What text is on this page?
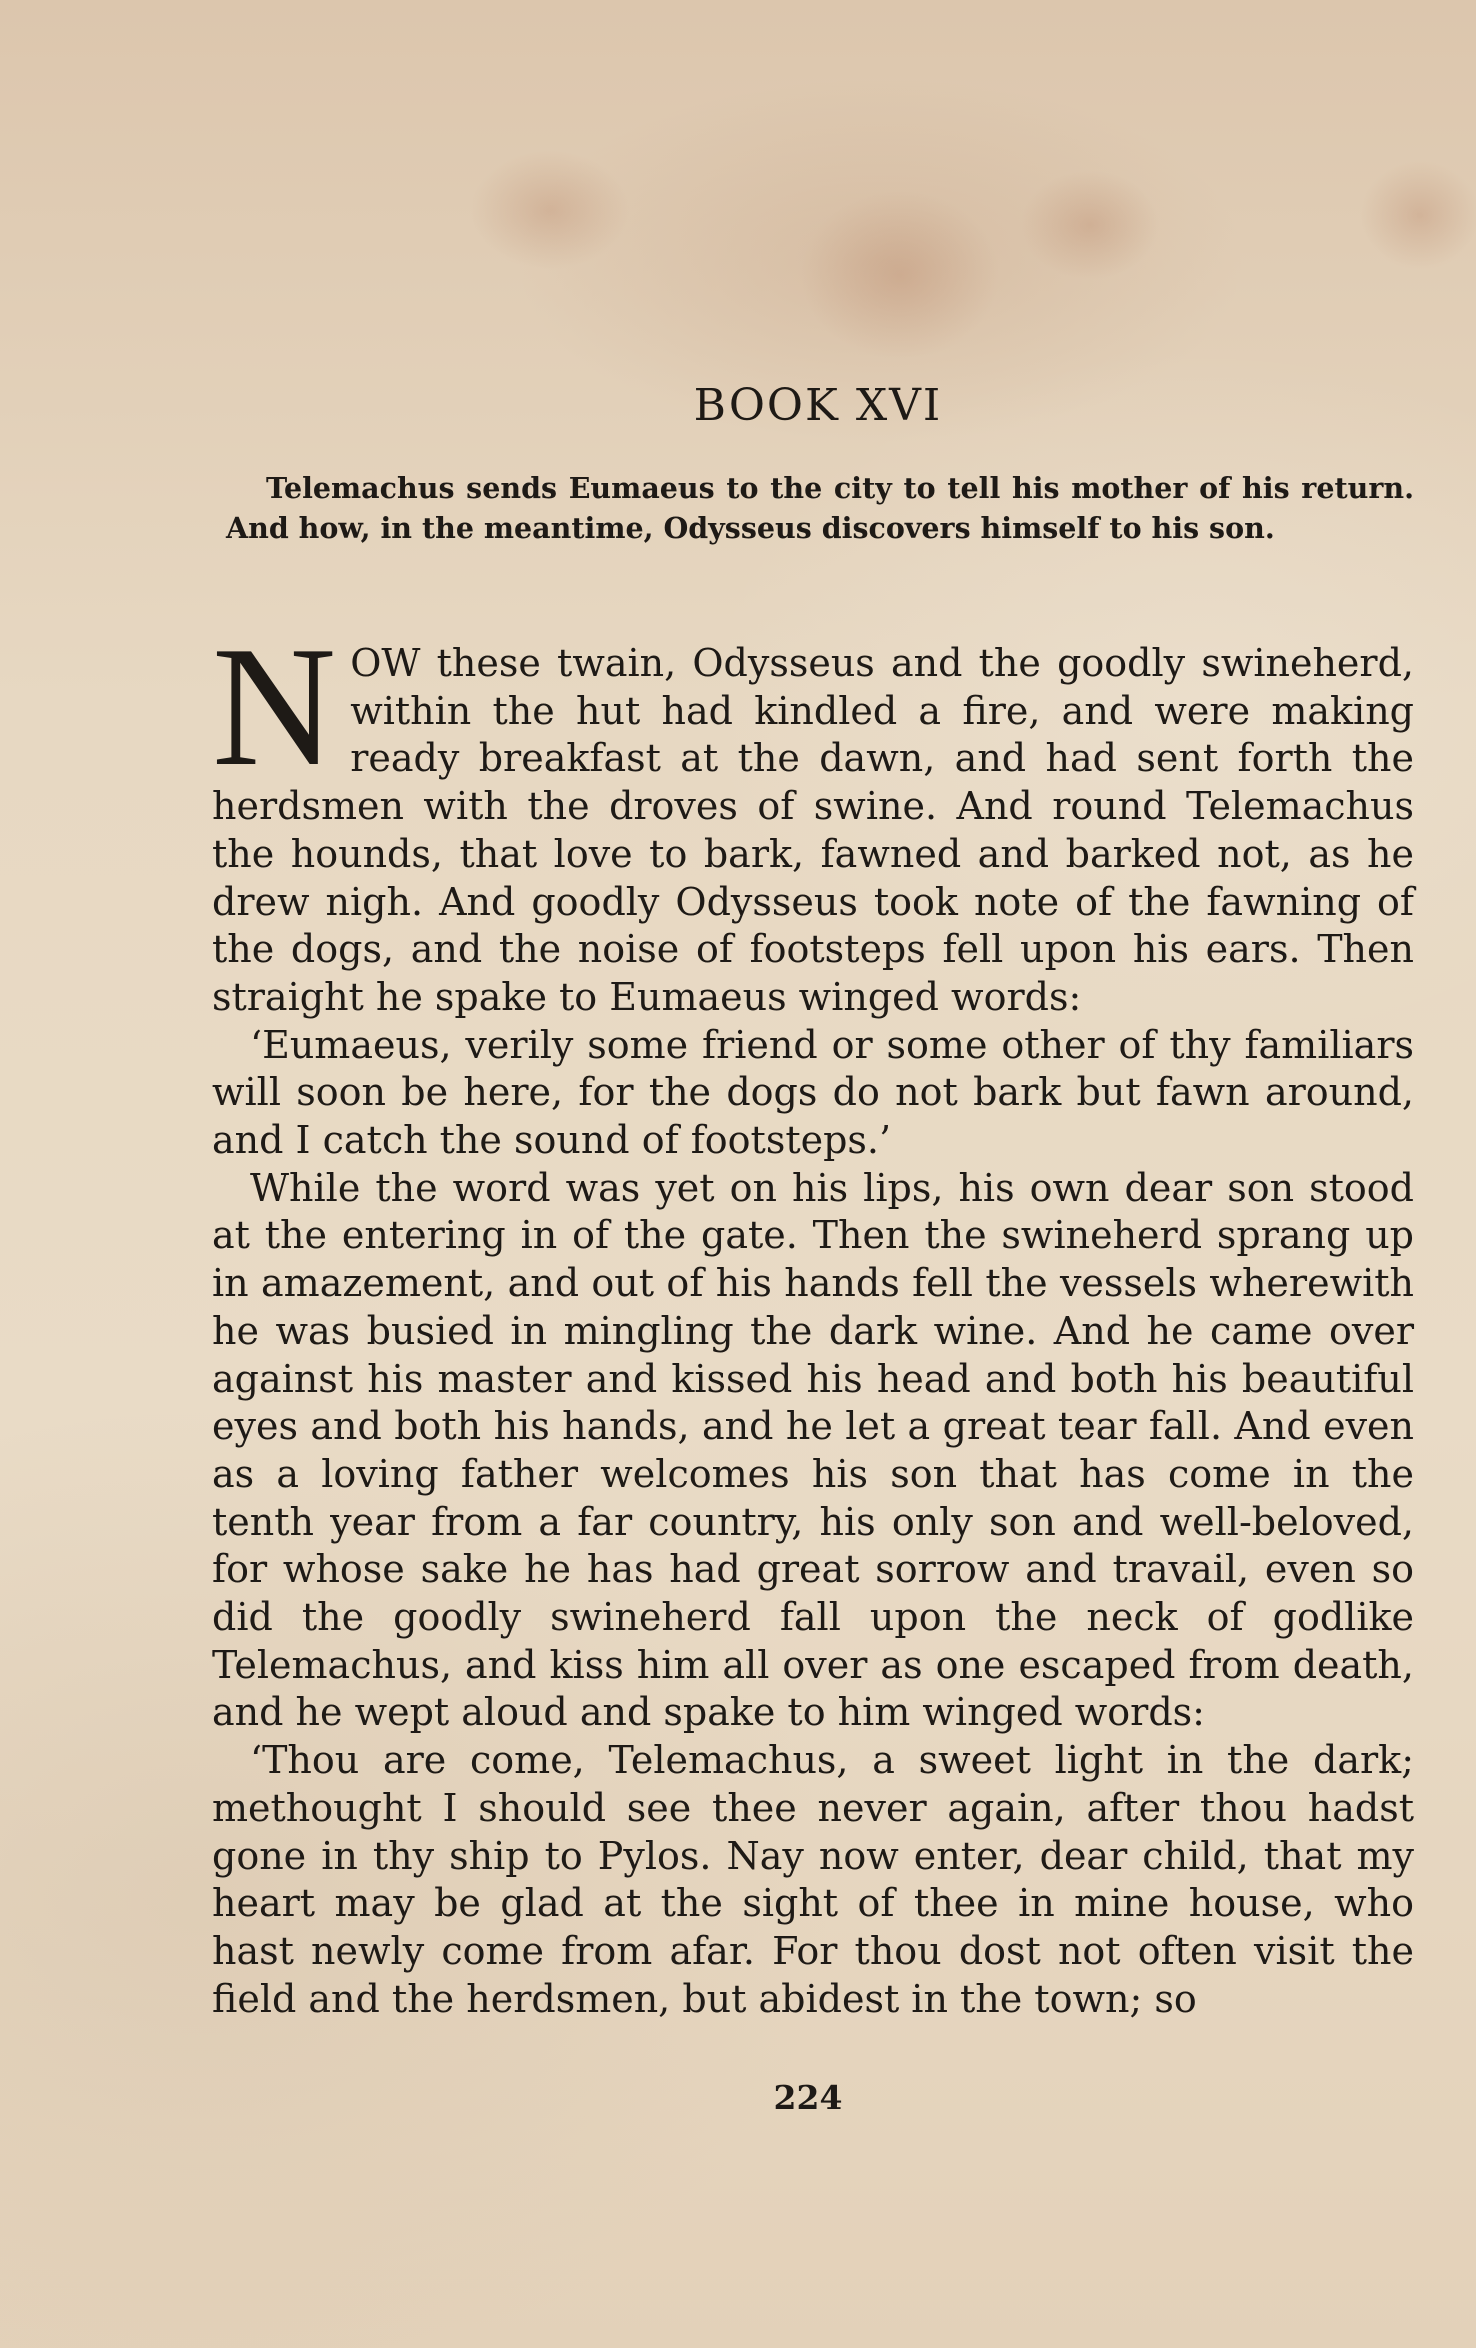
BOOK XVI
Telemachus sends Eumaeus to the city to tell his mother of his return. And how, in the meantime, Odysseus discovers himself to his son.

NOW these twain, Odysseus and the goodly swineherd, within the hut had kindled a fire, and were making ready breakfast at the dawn, and had sent forth the herdsmen with the droves of swine. And round Telemachus the hounds, that love to bark, fawned and barked not, as he drew nigh. And goodly Odysseus took note of the fawning of the dogs, and the noise of footsteps fell upon his ears. Then straight he spake to Eumaeus winged words:

‘Eumaeus, verily some friend or some other of thy familiars will soon be here, for the dogs do not bark but fawn around, and I catch the sound of footsteps.’

While the word was yet on his lips, his own dear son stood at the entering in of the gate. Then the swineherd sprang up in amazement, and out of his hands fell the vessels wherewith he was busied in mingling the dark wine. And he came over against his master and kissed his head and both his beautiful eyes and both his hands, and he let a great tear fall. And even as a loving father welcomes his son that has come in the tenth year from a far country, his only son and well-beloved, for whose sake he has had great sorrow and travail, even so did the goodly swineherd fall upon the neck of godlike Telemachus, and kiss him all over as one escaped from death, and he wept aloud and spake to him winged words:

‘Thou are come, Telemachus, a sweet light in the dark; methought I should see thee never again, after thou hadst gone in thy ship to Pylos. Nay now enter, dear child, that my heart may be glad at the sight of thee in mine house, who hast newly come from afar. For thou dost not often visit the field and the herdsmen, but abidest in the town; so

224
